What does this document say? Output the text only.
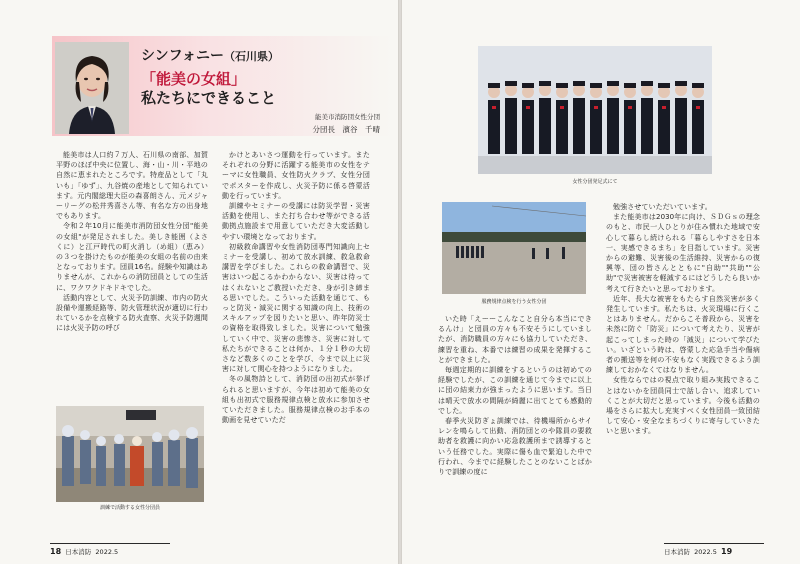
シンフォニー（石川県）
「能美の女組」
私たちにできること
能美市消防団女性分団
分団長　 濱谷　千晴

能美市は人口約７万人、石川県の南部、加賀平野のほぼ中央に位置し、海・山・川・平地の自然に恵まれたところです。特産品として「丸いも」「ゆず」、九谷焼の産地として知られています。元内閣総理大臣の森喜朗さん、元メジャーリーグの松井秀喜さん等、有名な方の出身地でもあります。

令和２年10月に能美市消防団女性分団"能美の女組"が発足されました。美しき能囲（よさくに）と江戸時代の町火消し（め組）（恵み）の３つを掛けたものが能美の女組の名前の由来となっております。団員16名。経験や知識はありませんが、これからの消防団員としての生活に、ワクワクドキドキでした。

活動内容として、火災予防訓練、市内の防火設備や運搬経路等、防火管理状況が適切に行われているかを点検する防火査察、火災予防週間には火災予防の呼び

訓練で活動する女性分団員

かけとあいさつ運動を行っています。またそれぞれの分野に活躍する能美市の女性をテーマに女性職員、女性防火クラブ、女性分団でポスターを作成し、火災予防に係る啓蒙活動を行っています。

訓練やセミナーの受講には防災学習・災害活動を使用し、また打ち合わせ等ができる活動拠点施設まで用意していただき大変活動しやすい環境となっております。

初級救命講習や女性消防団専門知識向上セミナーを受講し、初めて放水訓練、救急救命講習を学びました。これらの救命講習で、災害はいつ起こるかわからない、災害は待ってはくれないとご教授いただき、身が引き締まる思いでした。こういった活動を通じて、もっと防災・減災に関する知識の向上、技術のスキルアップを図りたいと思い、昨年防災士の資格を取得致しました。災害について勉強していく中で、災害の悲惨さ、災害に対して私たちができることは何か、１分１秒の大切さなど数多くのことを学び、今まで以上に災害に対して関心を持つようになりました。

冬の風物詩として、消防団の出初式が挙げられると思いますが、今年は初めて能美の女組も出初式で服務規律点検と放水に参加させていただきました。服務規律点検のお手本の動画を見せていただ

18 日本消防 2022.5
女性分団発足式にて
服務規律点検を行う女性分団

いた時「えーーこんなこと自分ら本当にできるんけ」と団員の方々も不安そうにしていましたが、消防職員の方々にも協力していただき、練習を重ね、本番では練習の成果を発揮することができました。

毎週定期的に訓練をするというのは初めての経験でしたが、この訓練を通じて今までに以上に団の結束力が強まったように思います。当日は晴天で放水の間隔が綺麗に出てとても感動的でした。

春季火災防ぎょ訓練では、待機場所からサイレンを鳴らして出動、消防団とのや隊員の要救助者を救護に向かい応急救護所まで誘導するという任務でした。実際に傷も血で緊迫した中で行われ、今までに経験したことのないことばかりで訓練の度に

勉強させていただいています。

また能美市は2030年に向け、ＳＤＧｓの理念のもと、市民一人ひとりが住み慣れた地域で安心して暮らし続けられる「暮らしやすさを日本一、実感できるまち」を目指しています。災害からの避難、災害後の生活維持、災害からの復興等、団の皆さんとともに"自助""共助""公助"で災害被害を軽減するにはどうしたら良いか考えて行きたいと思っております。

近年、長大な被害をもたらす自然災害が多く発生しています。私たちは、火災現場に行くことはありません。だからこそ普段から、災害を未然に防ぐ「防災」について考えたり、災害が起こってしまった時の「減災」について学びたい。いざという時は、啓蒙した応急手当や傷病者の搬送等を何の不安もなく実践できるよう訓練しておかなくてはなりません。

女性ならではの視点で取り組み実践できることはないかを団員同士で話し合い、追求していくことが大切だと思っています。今後も活動の場をさらに拡大し充実すべく女性団員一致団結して安心・安全なまちづくりに寄与していきたいと思います。

日本消防 2022.5 19
